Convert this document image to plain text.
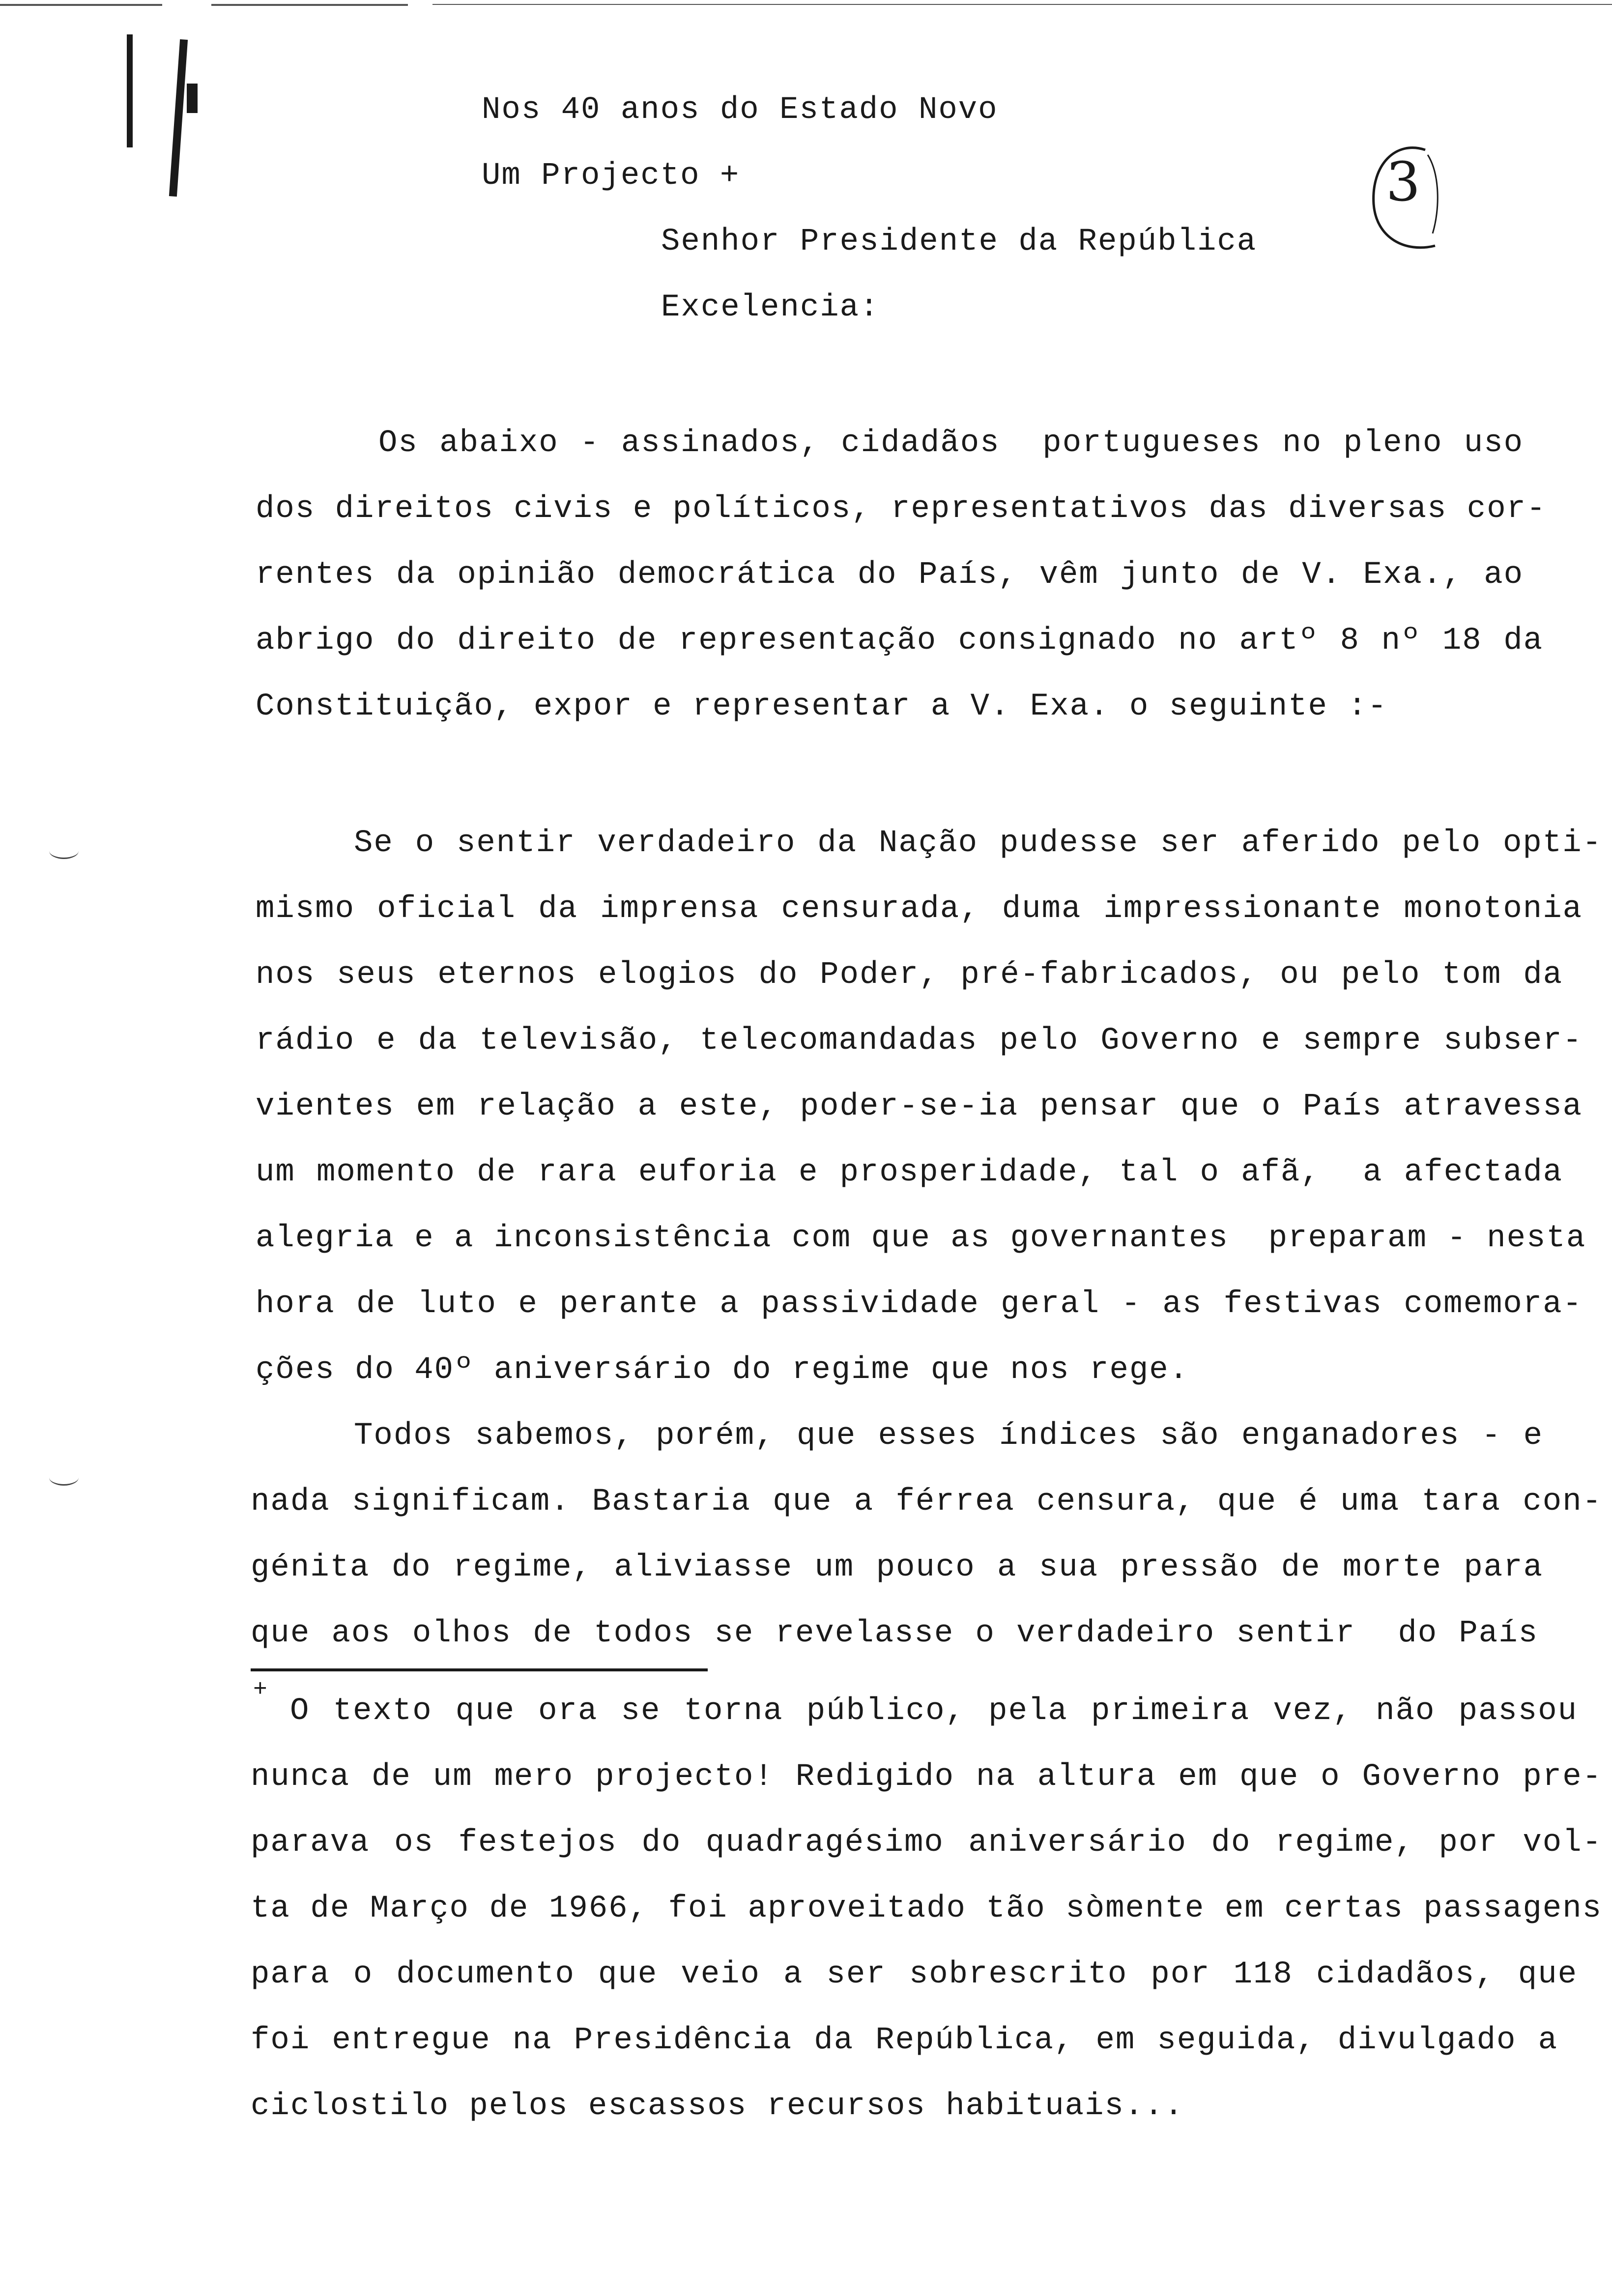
3
Nos 40 anos do Estado Novo
Um Projecto +
Senhor Presidente da República
Excelencia:
Os abaixo - assinados, cidadãos  portugueses no pleno uso
dos direitos civis e políticos, representativos das diversas cor-
rentes da opinião democrática do País, vêm junto de V. Exa., ao
abrigo do direito de representação consignado no artº 8 nº 18 da
Constituição, expor e representar a V. Exa. o seguinte :-
Se o sentir verdadeiro da Nação pudesse ser aferido pelo opti-
mismo oficial da imprensa censurada, duma impressionante monotonia
nos seus eternos elogios do Poder, pré-fabricados, ou pelo tom da
rádio e da televisão, telecomandadas pelo Governo e sempre subser-
vientes em relação a este, poder-se-ia pensar que o País atravessa
um momento de rara euforia e prosperidade, tal o afã,  a afectada
alegria e a inconsistência com que as governantes  preparam - nesta
hora de luto e perante a passividade geral - as festivas comemora-
ções do 40º aniversário do regime que nos rege.
Todos sabemos, porém, que esses índices são enganadores - e
nada significam. Bastaria que a férrea censura, que é uma tara con-
génita do regime, aliviasse um pouco a sua pressão de morte para
que aos olhos de todos se revelasse o verdadeiro sentir  do País
+
O texto que ora se torna público, pela primeira vez, não passou
nunca de um mero projecto! Redigido na altura em que o Governo pre-
parava os festejos do quadragésimo aniversário do regime, por vol-
ta de Março de 1966, foi aproveitado tão sòmente em certas passagens
para o documento que veio a ser sobrescrito por 118 cidadãos, que
foi entregue na Presidência da República, em seguida, divulgado a
ciclostilo pelos escassos recursos habituais...
